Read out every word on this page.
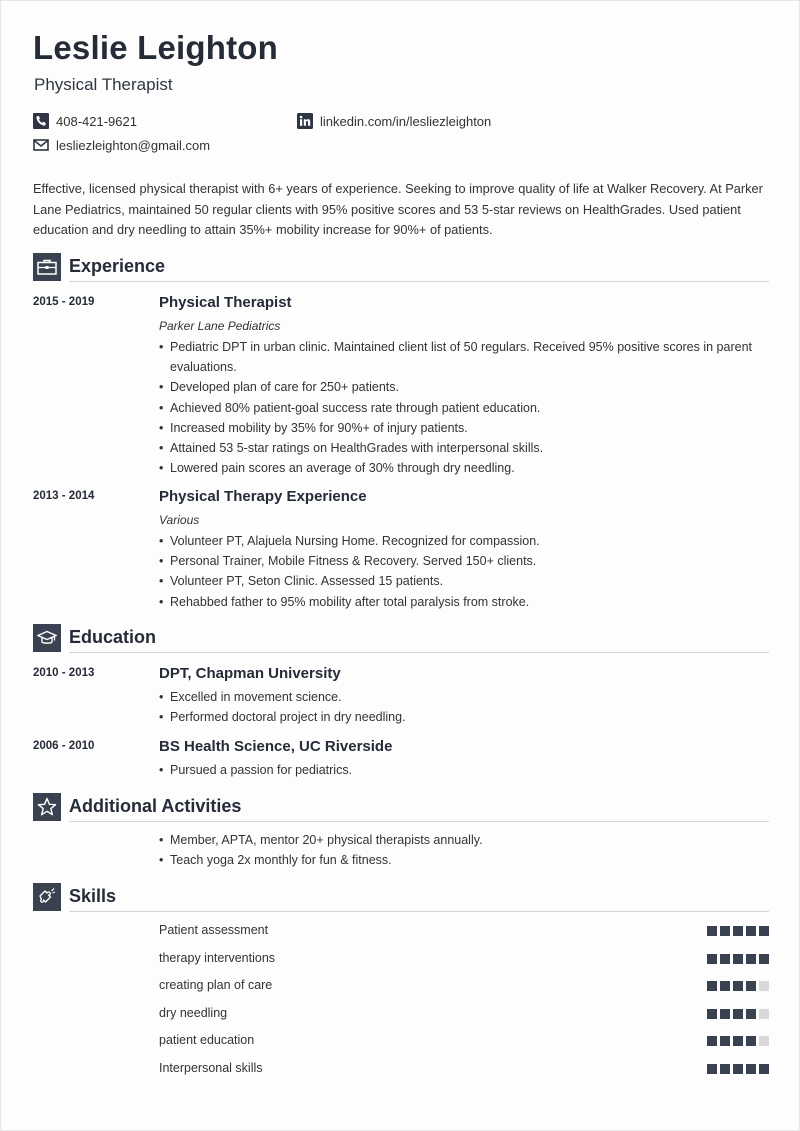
Leslie Leighton
Physical Therapist
408-421-9621
lesliezleighton@gmail.com
linkedin.com/in/lesliezleighton
Effective, licensed physical therapist with 6+ years of experience. Seeking to improve quality of life at Walker Recovery. At Parker Lane Pediatrics, maintained 50 regular clients with 95% positive scores and 53 5-star reviews on HealthGrades. Used patient education and dry needling to attain 35%+ mobility increase for 90%+ of patients.
Experience
2015 - 2019	Physical Therapist
Parker Lane Pediatrics
• Pediatric DPT in urban clinic. Maintained client list of 50 regulars. Received 95% positive scores in parent evaluations.
• Developed plan of care for 250+ patients.
• Achieved 80% patient-goal success rate through patient education.
• Increased mobility by 35% for 90%+ of injury patients.
• Attained 53 5-star ratings on HealthGrades with interpersonal skills.
• Lowered pain scores an average of 30% through dry needling.
2013 - 2014	Physical Therapy Experience
Various
• Volunteer PT, Alajuela Nursing Home. Recognized for compassion.
• Personal Trainer, Mobile Fitness & Recovery. Served 150+ clients.
• Volunteer PT, Seton Clinic. Assessed 15 patients.
• Rehabbed father to 95% mobility after total paralysis from stroke.
Education
2010 - 2013	DPT, Chapman University
• Excelled in movement science.
• Performed doctoral project in dry needling.
2006 - 2010	BS Health Science, UC Riverside
• Pursued a passion for pediatrics.
Additional Activities
• Member, APTA, mentor 20+ physical therapists annually.
• Teach yoga 2x monthly for fun & fitness.
Skills
Patient assessment
therapy interventions
creating plan of care
dry needling
patient education
Interpersonal skills
